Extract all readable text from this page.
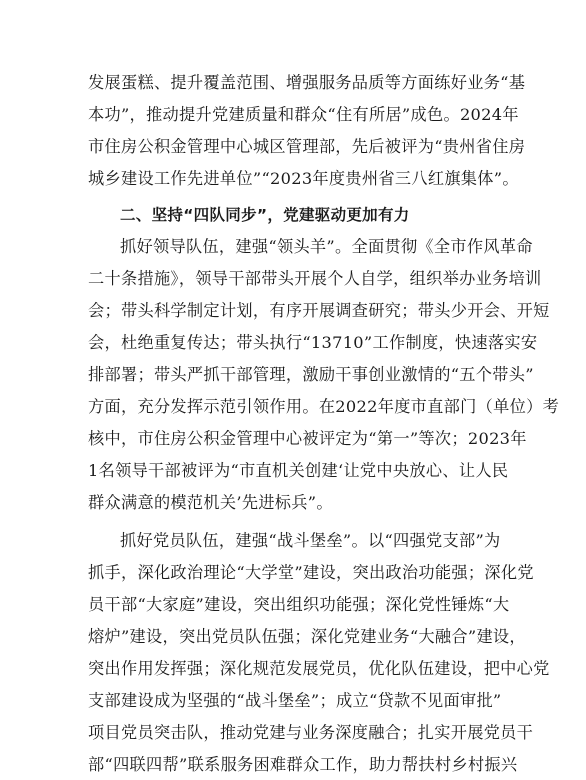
发展蛋糕、提升覆盖范围、增强服务品质等方面练好业务“基
本功”，推动提升党建质量和群众“住有所居”成色。2024年
市住房公积金管理中心城区管理部，先后被评为“贵州省住房
城乡建设工作先进单位”“2023年度贵州省三八红旗集体”。
二、坚持“四队同步”，党建驱动更加有力
抓好领导队伍，建强“领头羊”。全面贯彻《全市作风革命
二十条措施》，领导干部带头开展个人自学，组织举办业务培训
会；带头科学制定计划，有序开展调查研究；带头少开会、开短
会，杜绝重复传达；带头执行“13710”工作制度，快速落实安
排部署；带头严抓干部管理，激励干事创业激情的“五个带头”
方面，充分发挥示范引领作用。在2022年度市直部门（单位）考
核中，市住房公积金管理中心被评定为“第一”等次；2023年
1名领导干部被评为“市直机关创建‘让党中央放心、让人民
群众满意的模范机关’先进标兵”。
抓好党员队伍，建强“战斗堡垒”。以“四强党支部”为
抓手，深化政治理论“大学堂”建设，突出政治功能强；深化党
员干部“大家庭”建设，突出组织功能强；深化党性锤炼“大
熔炉”建设，突出党员队伍强；深化党建业务“大融合”建设，
突出作用发挥强；深化规范发展党员，优化队伍建设，把中心党
支部建设成为坚强的“战斗堡垒”；成立“贷款不见面审批”
项目党员突击队，推动党建与业务深度融合；扎实开展党员干
部“四联四帮”联系服务困难群众工作，助力帮扶村乡村振兴
